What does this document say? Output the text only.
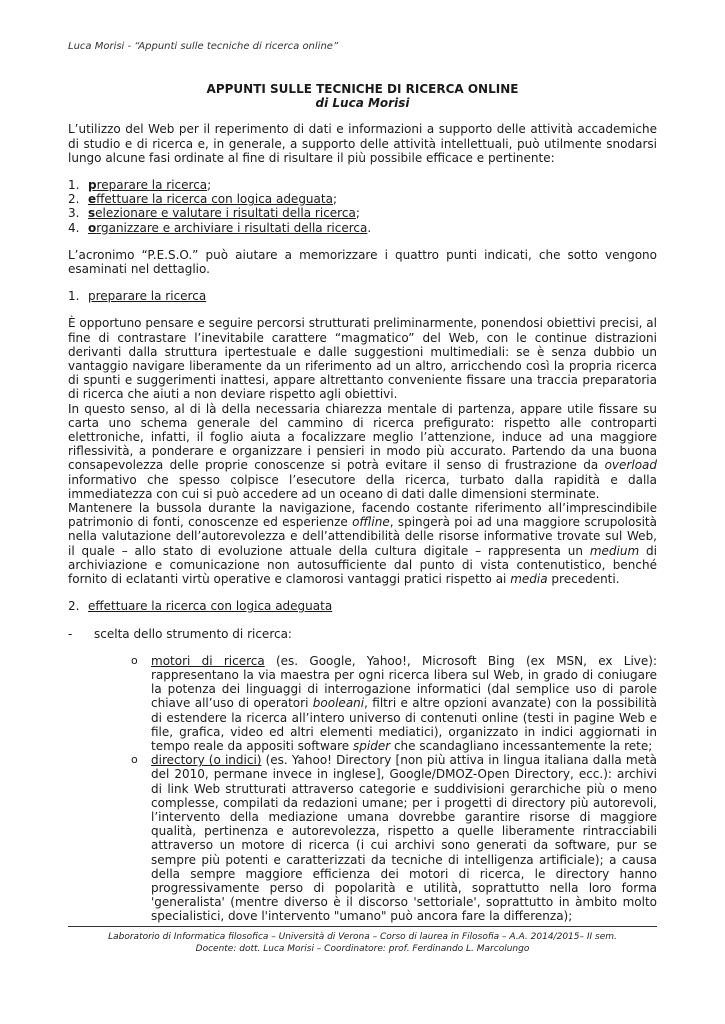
Luca Morisi - “Appunti sulle tecniche di ricerca online”

APPUNTI SULLE TECNICHE DI RICERCA ONLINE

di Luca Morisi

L’utilizzo del Web per il reperimento di dati e informazioni a supporto delle attività accademiche di studio e di ricerca e, in generale, a supporto delle attività intellettuali, può utilmente snodarsi lungo alcune fasi ordinate al fine di risultare il più possibile efficace e pertinente:

1. preparare la ricerca;
2. effettuare la ricerca con logica adeguata;
3. selezionare e valutare i risultati della ricerca;
4. organizzare e archiviare i risultati della ricerca.

L’acronimo “P.E.S.O.” può aiutare a memorizzare i quattro punti indicati, che sotto vengono esaminati nel dettaglio.

1. preparare la ricerca

È opportuno pensare e seguire percorsi strutturati preliminarmente, ponendosi obiettivi precisi, al fine di contrastare l’inevitabile carattere “magmatico” del Web, con le continue distrazioni derivanti dalla struttura ipertestuale e dalle suggestioni multimediali: se è senza dubbio un vantaggio navigare liberamente da un riferimento ad un altro, arricchendo così la propria ricerca di spunti e suggerimenti inattesi, appare altrettanto conveniente fissare una traccia preparatoria di ricerca che aiuti a non deviare rispetto agli obiettivi.

In questo senso, al di là della necessaria chiarezza mentale di partenza, appare utile fissare su carta uno schema generale del cammino di ricerca prefigurato: rispetto alle controparti elettroniche, infatti, il foglio aiuta a focalizzare meglio l’attenzione, induce ad una maggiore riflessività, a ponderare e organizzare i pensieri in modo più accurato. Partendo da una buona consapevolezza delle proprie conoscenze si potrà evitare il senso di frustrazione da overload informativo che spesso colpisce l’esecutore della ricerca, turbato dalla rapidità e dalla immediatezza con cui si può accedere ad un oceano di dati dalle dimensioni sterminate.

Mantenere la bussola durante la navigazione, facendo costante riferimento all’imprescindibile patrimonio di fonti, conoscenze ed esperienze offline, spingerà poi ad una maggiore scrupolosità nella valutazione dell’autorevolezza e dell’attendibilità delle risorse informative trovate sul Web, il quale – allo stato di evoluzione attuale della cultura digitale – rappresenta un medium di archiviazione e comunicazione non autosufficiente dal punto di vista contenutistico, benché fornito di eclatanti virtù operative e clamorosi vantaggi pratici rispetto ai media precedenti.

2. effettuare la ricerca con logica adeguata
- scelta dello strumento di ricerca:
o motori di ricerca (es. Google, Yahoo!, Microsoft Bing (ex MSN, ex Live): rappresentano la via maestra per ogni ricerca libera sul Web, in grado di coniugare la potenza dei linguaggi di interrogazione informatici (dal semplice uso di parole chiave all’uso di operatori booleani, filtri e altre opzioni avanzate) con la possibilità di estendere la ricerca all’intero universo di contenuti online (testi in pagine Web e file, grafica, video ed altri elementi mediatici), organizzato in indici aggiornati in tempo reale da appositi software spider che scandagliano incessantemente la rete;
o directory (o indici) (es. Yahoo! Directory [non più attiva in lingua italiana dalla metà del 2010, permane invece in inglese], Google/DMOZ-Open Directory, ecc.): archivi di link Web strutturati attraverso categorie e suddivisioni gerarchiche più o meno complesse, compilati da redazioni umane; per i progetti di directory più autorevoli, l’intervento della mediazione umana dovrebbe garantire risorse di maggiore qualità, pertinenza e autorevolezza, rispetto a quelle liberamente rintracciabili attraverso un motore di ricerca (i cui archivi sono generati da software, pur se sempre più potenti e caratterizzati da tecniche di intelligenza artificiale); a causa della sempre maggiore efficienza dei motori di ricerca, le directory hanno progressivamente perso di popolarità e utilità, soprattutto nella loro forma 'generalista' (mentre diverso è il discorso 'settoriale', soprattutto in àmbito molto specialistici, dove l'intervento "umano" può ancora fare la differenza);
Laboratorio di Informatica filosofica – Università di Verona – Corso di laurea in Filosofia – A.A. 2014/2015– II sem.
Docente: dott. Luca Morisi – Coordinatore: prof. Ferdinando L. Marcolungo
